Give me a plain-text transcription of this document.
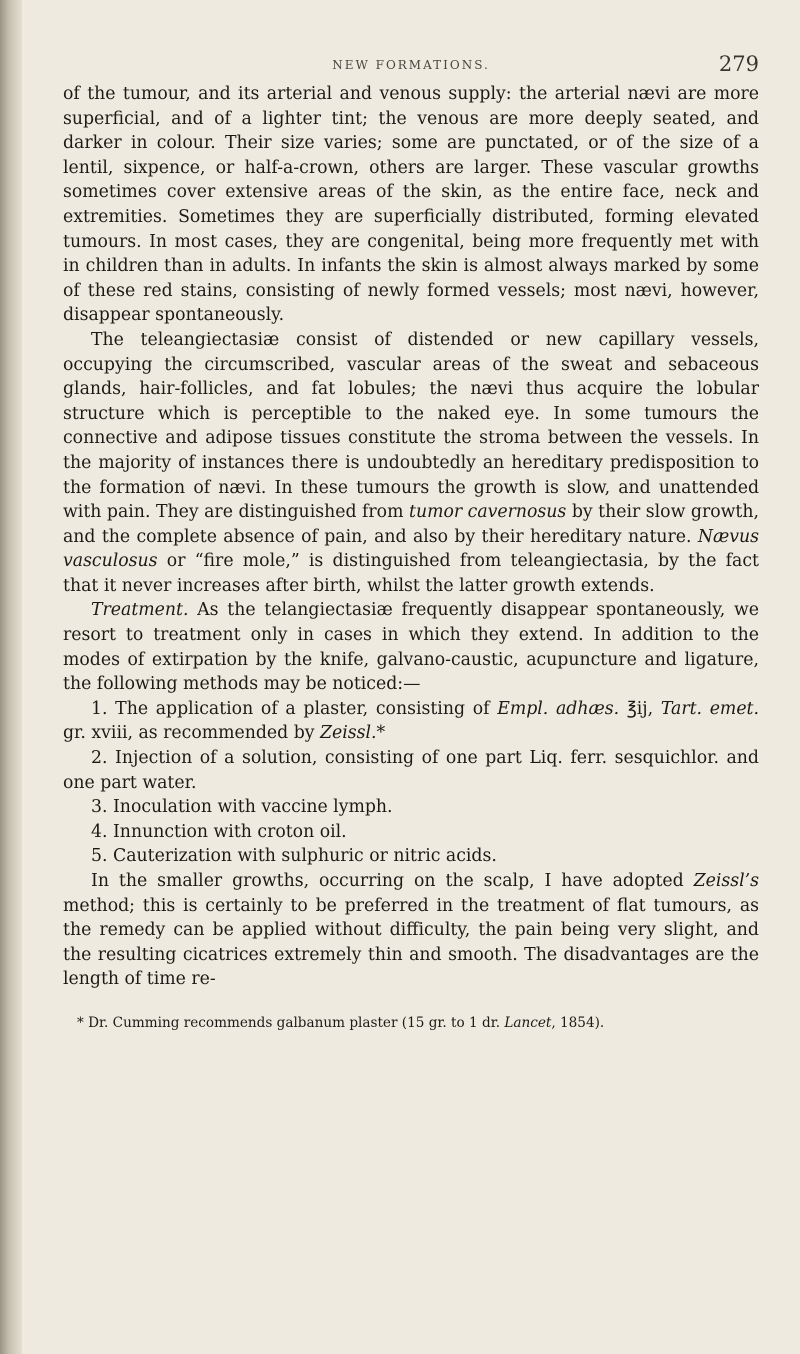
NEW FORMATIONS.	279

of the tumour, and its arterial and venous supply: the arterial nævi are more superficial, and of a lighter tint; the venous are more deeply seated, and darker in colour. Their size varies; some are punctated, or of the size of a lentil, sixpence, or half-a-crown, others are larger. These vascular growths sometimes cover extensive areas of the skin, as the entire face, neck and extremities. Sometimes they are superficially distributed, forming elevated tumours. In most cases, they are congenital, being more frequently met with in children than in adults. In infants the skin is almost always marked by some of these red stains, consisting of newly formed vessels; most nævi, however, disappear spontaneously.

The teleangiectasiæ consist of distended or new capillary vessels, occupying the circumscribed, vascular areas of the sweat and sebaceous glands, hair-follicles, and fat lobules; the nævi thus acquire the lobular structure which is perceptible to the naked eye. In some tumours the connective and adipose tissues constitute the stroma between the vessels. In the majority of instances there is undoubtedly an hereditary predisposition to the formation of nævi. In these tumours the growth is slow, and unattended with pain. They are distinguished from tumor cavernosus by their slow growth, and the complete absence of pain, and also by their hereditary nature. Nævus vasculosus or “fire mole,” is distinguished from teleangiectasia, by the fact that it never increases after birth, whilst the latter growth extends.

Treatment. As the telangiectasiæ frequently disappear spontaneously, we resort to treatment only in cases in which they extend. In addition to the modes of extirpation by the knife, galvano-caustic, acupuncture and ligature, the following methods may be noticed:—

1. The application of a plaster, consisting of Empl. adhæs. ℥ij, Tart. emet. gr. xviii, as recommended by Zeissl.*

2. Injection of a solution, consisting of one part Liq. ferr. sesquichlor. and one part water.

3. Inoculation with vaccine lymph.

4. Innunction with croton oil.

5. Cauterization with sulphuric or nitric acids.

In the smaller growths, occurring on the scalp, I have adopted Zeissl’s method; this is certainly to be preferred in the treatment of flat tumours, as the remedy can be applied without difficulty, the pain being very slight, and the resulting cicatrices extremely thin and smooth. The disadvantages are the length of time re-

* Dr. Cumming recommends galbanum plaster (15 gr. to 1 dr. Lancet, 1854).
